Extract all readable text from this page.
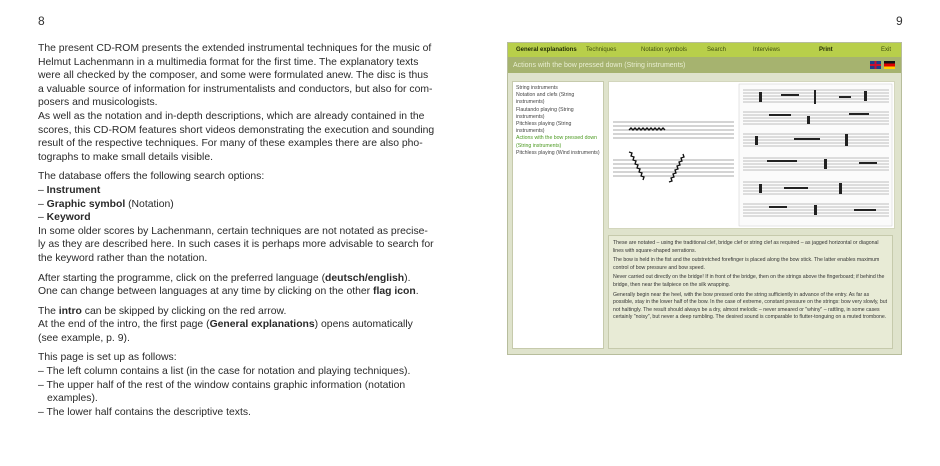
8	9
The present CD-ROM presents the extended instrumental techniques for the music of
Helmut Lachenmann in a multimedia format for the first time. The explanatory texts
were all checked by the composer, and some were formulated anew. The disc is thus
a valuable source of information for instrumentalists and conductors, but also for com-
posers and musicologists.
As well as the notation and in-depth descriptions, which are already contained in the
scores, this CD-ROM features short videos demonstrating the execution and sounding
result of the respective techniques. For many of these examples there are also pho-
tographs to make small details visible.
The database offers the following search options:
– Instrument
– Graphic symbol (Notation)
– Keyword
In some older scores by Lachenmann, certain techniques are not notated as precise-
ly as they are described here. In such cases it is perhaps more advisable to search for
the keyword rather than the notation.
After starting the programme, click on the preferred language (deutsch/english).
One can change between languages at any time by clicking on the other flag icon.
The intro can be skipped by clicking on the red arrow.
At the end of the intro, the first page (General explanations) opens automatically
(see example, p. 9).
This page is set up as follows:
– The left column contains a list (in the case for notation and playing techniques).
– The upper half of the rest of the window contains graphic information (notation
examples).
– The lower half contains the descriptive texts.
General explanations	Techniques	Notation symbols	Search	Interviews	Print	Exit
Actions with the bow pressed down (String instruments)
String instruments
Notation and clefs (String instruments)
Flautando playing (String instruments)
Pitchless playing (String instruments)
Actions with the bow pressed down (String instruments)
Pitchless playing (Wind instruments)

These are notated – using the traditional clef, bridge clef or string clef as required – as jagged horizontal or diagonal lines with square-shaped serrations.

The bow is held in the fist and the outstretched forefinger is placed along the bow stick. The latter enables maximum control of bow pressure and bow speed.

Never carried out directly on the bridge! If in front of the bridge, then on the strings above the fingerboard; if behind the bridge, then near the tailpiece on the silk wrapping.

Generally begin near the heel, with the bow pressed onto the string sufficiently in advance of the entry. As far as possible, stay in the lower half of the bow. In the case of extreme, constant pressure on the strings: bow very slowly, but not haltingly. The result should always be a dry, almost melodic – never smeared or "whiny" – rattling, in some cases certainly "noisy", but never a deep rumbling. The desired sound is comparable to flutter-tonguing on a muted trombone.
